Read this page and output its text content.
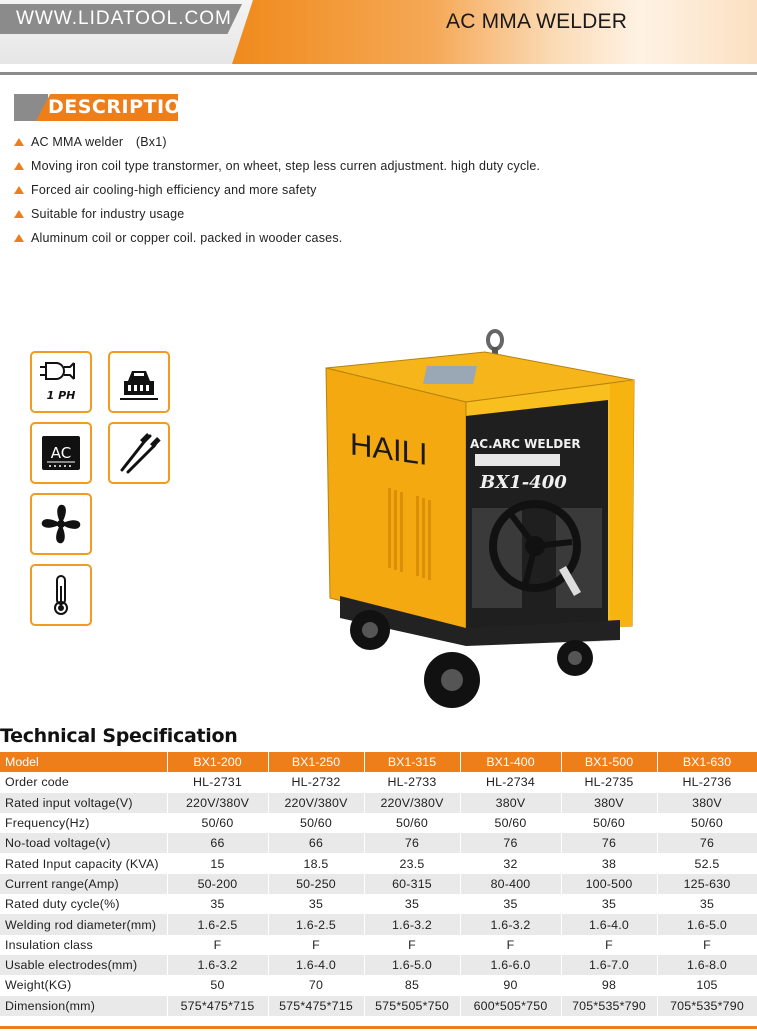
WWW.LIDATOOL.COM	AC MMA WELDER
DESCRIPTION
AC MMA welder　(Bx1)
Moving iron coil type transtormer, on wheet, step less curren adjustment. high duty cycle.
Forced air cooling-high efficiency and more safety
Suitable for industry usage
Aluminum coil or copper coil. packed in wooder cases.
1 PH
AC	HAILI	AC.ARC WELDER
BX1-400
Technical Specification
Model	BX1-200	BX1-250	BX1-315	BX1-400	BX1-500	BX1-630
Order code	HL-2731	HL-2732	HL-2733	HL-2734	HL-2735	HL-2736
Rated input voltage(V)	220V/380V	220V/380V	220V/380V	380V	380V	380V
Frequency(Hz)	50/60	50/60	50/60	50/60	50/60	50/60
No-toad voltage(v)	66	66	76	76	76	76
Rated Input capacity (KVA)	15	18.5	23.5	32	38	52.5
Current range(Amp)	50-200	50-250	60-315	80-400	100-500	125-630
Rated duty cycle(%)	35	35	35	35	35	35
Welding rod diameter(mm)	1.6-2.5	1.6-2.5	1.6-3.2	1.6-3.2	1.6-4.0	1.6-5.0
Insulation class	F	F	F	F	F	F
Usable electrodes(mm)	1.6-3.2	1.6-4.0	1.6-5.0	1.6-6.0	1.6-7.0	1.6-8.0
Weight(KG)	50	70	85	90	98	105
Dimension(mm)	575*475*715	575*475*715	575*505*750	600*505*750	705*535*790	705*535*790
